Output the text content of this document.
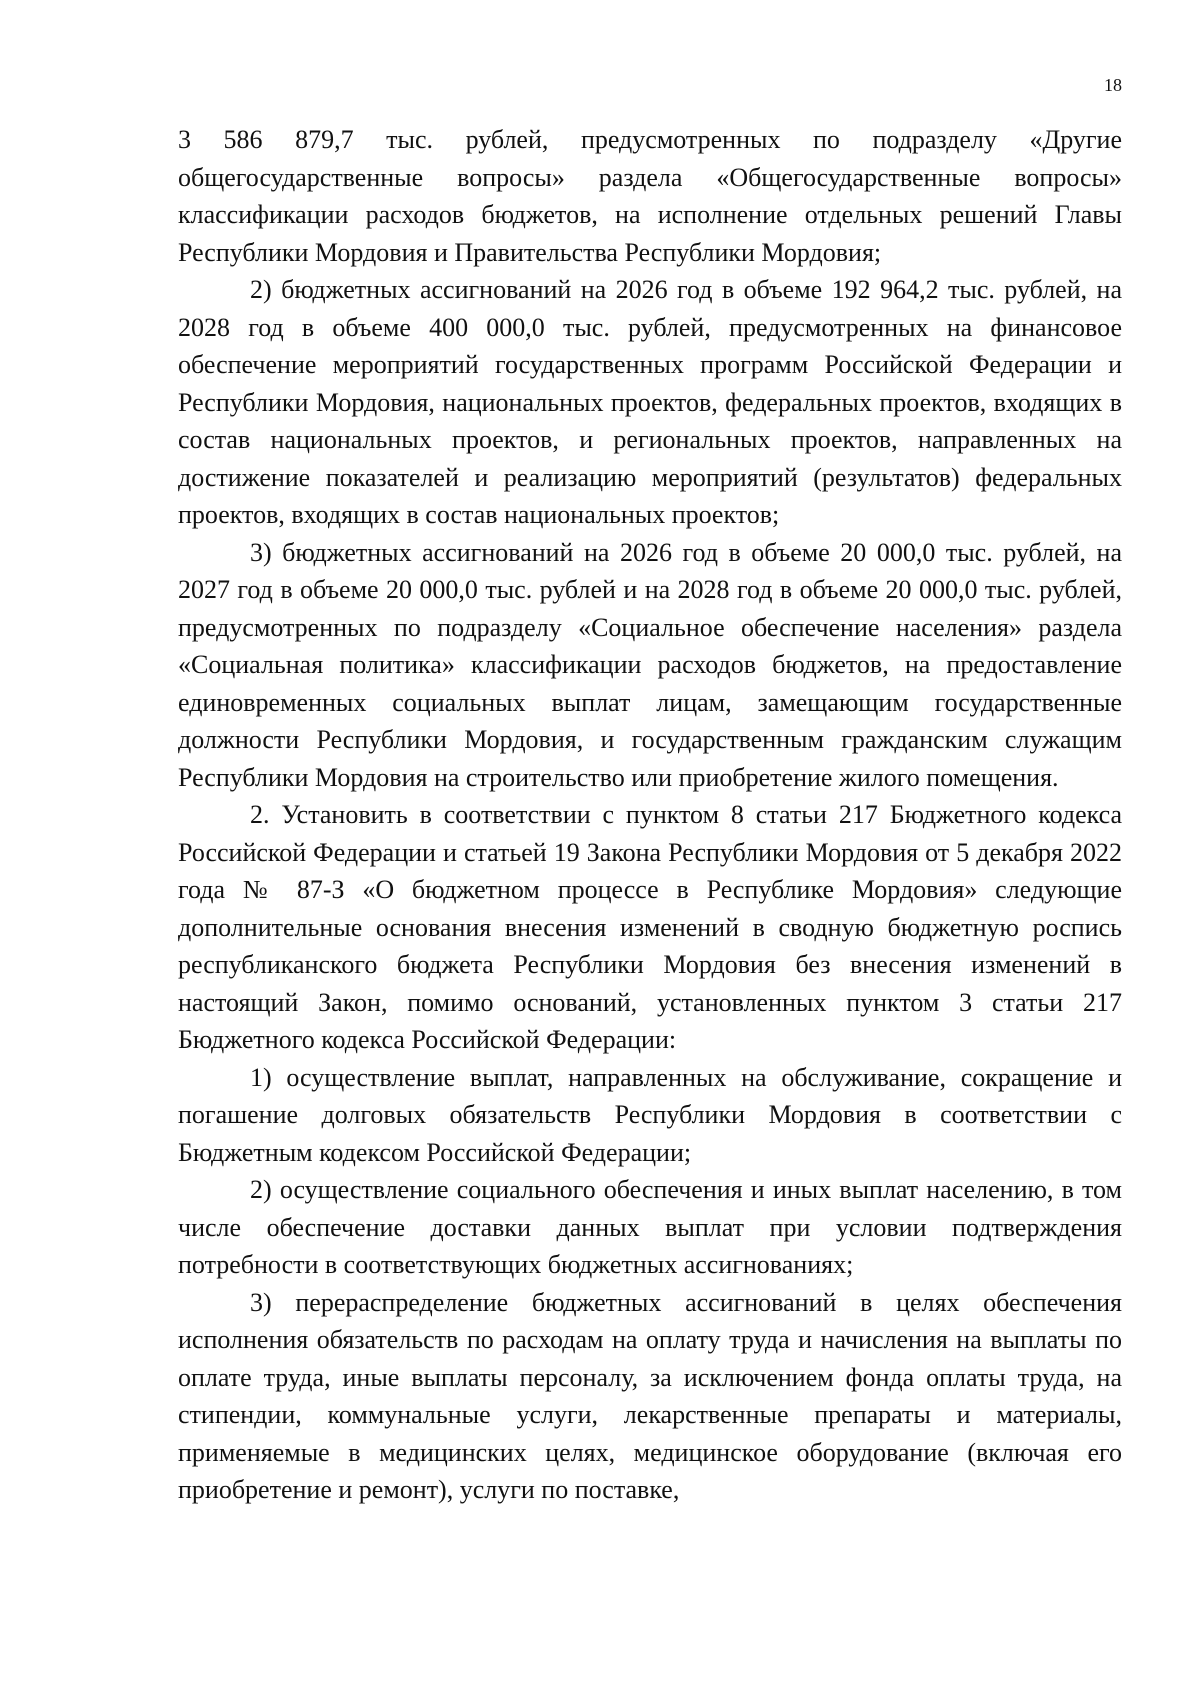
18

3 586 879,7 тыс. рублей, предусмотренных по подразделу «Другие общегосударственные вопросы» раздела «Общегосударственные вопросы» классификации расходов бюджетов, на исполнение отдельных решений Главы Республики Мордовия и Правительства Республики Мордовия;

2) бюджетных ассигнований на 2026 год в объеме 192 964,2 тыс. рублей, на 2028 год в объеме 400 000,0 тыс. рублей, предусмотренных на финансовое обеспечение мероприятий государственных программ Российской Федерации и Республики Мордовия, национальных проектов, федеральных проектов, входящих в состав национальных проектов, и региональных проектов, направленных на достижение показателей и реализацию мероприятий (результатов) федеральных проектов, входящих в состав национальных проектов;

3) бюджетных ассигнований на 2026 год в объеме 20 000,0 тыс. рублей, на 2027 год в объеме 20 000,0 тыс. рублей и на 2028 год в объеме 20 000,0 тыс. рублей, предусмотренных по подразделу «Социальное обеспечение населения» раздела «Социальная политика» классификации расходов бюджетов, на предоставление единовременных социальных выплат лицам, замещающим государственные должности Республики Мордовия, и государственным гражданским служащим Республики Мордовия на строительство или приобретение жилого помещения.

2. Установить в соответствии с пунктом 8 статьи 217 Бюджетного кодекса Российской Федерации и статьей 19 Закона Республики Мордовия от 5 декабря 2022 года № 87-З «О бюджетном процессе в Республике Мордовия» следующие дополнительные основания внесения изменений в сводную бюджетную роспись республиканского бюджета Республики Мордовия без внесения изменений в настоящий Закон, помимо оснований, установленных пунктом 3 статьи 217 Бюджетного кодекса Российской Федерации:

1) осуществление выплат, направленных на обслуживание, сокращение и погашение долговых обязательств Республики Мордовия в соответствии с Бюджетным кодексом Российской Федерации;

2) осуществление социального обеспечения и иных выплат населению, в том числе обеспечение доставки данных выплат при условии подтверждения потребности в соответствующих бюджетных ассигнованиях;

3) перераспределение бюджетных ассигнований в целях обеспечения исполнения обязательств по расходам на оплату труда и начисления на выплаты по оплате труда, иные выплаты персоналу, за исключением фонда оплаты труда, на стипендии, коммунальные услуги, лекарственные препараты и материалы, применяемые в медицинских целях, медицинское оборудование (включая его приобретение и ремонт), услуги по поставке,
